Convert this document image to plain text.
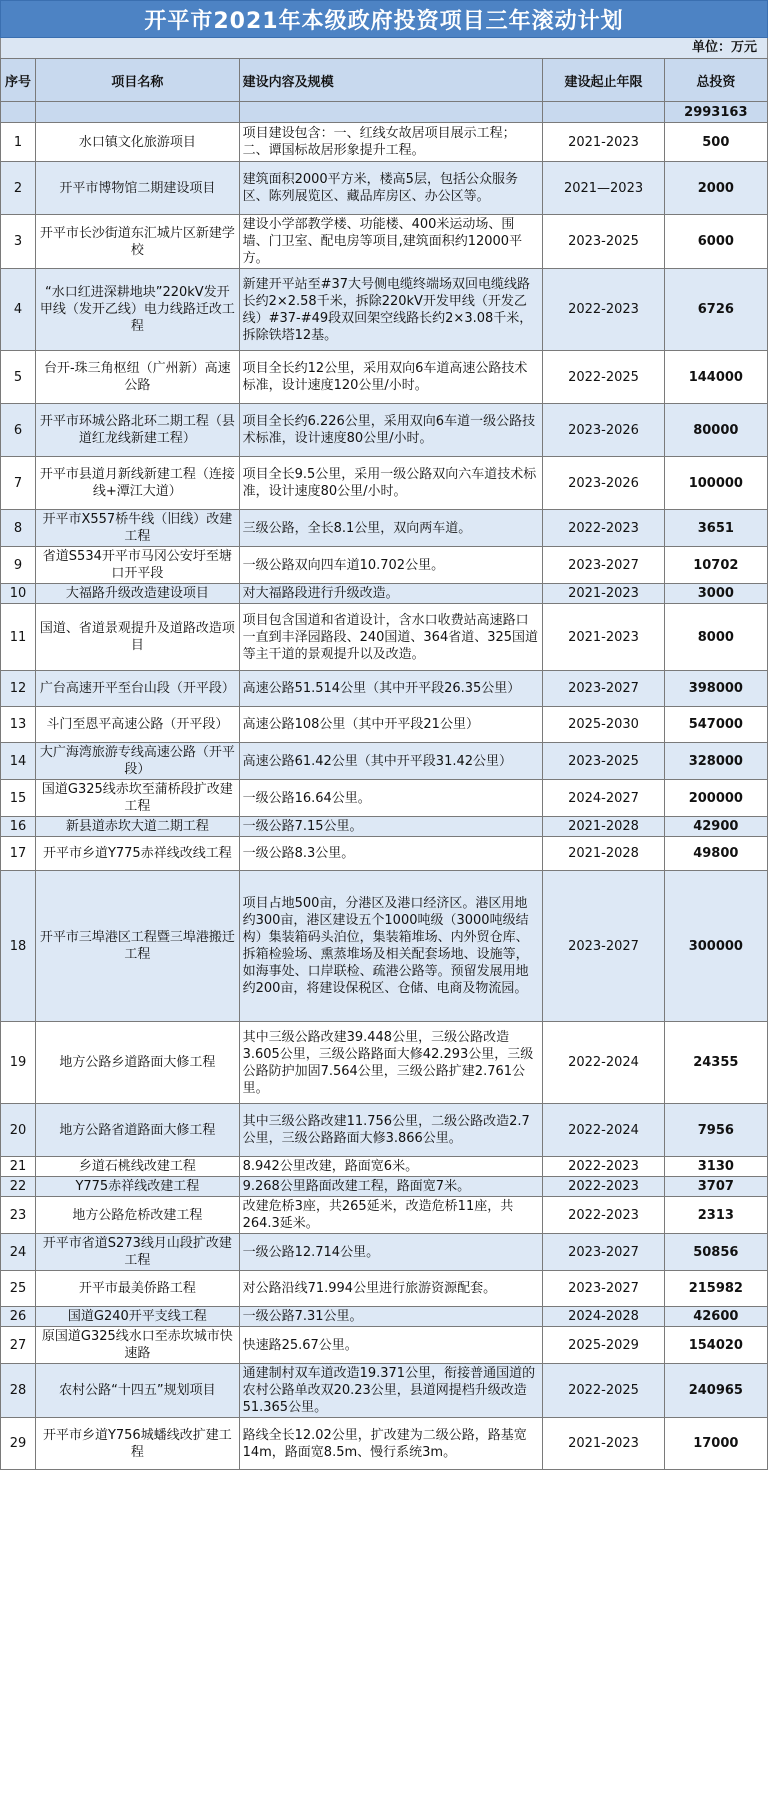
开平市2021年本级政府投资项目三年滚动计划
单位：万元
序号	项目名称	建设内容及规模	建设起止年限	总投资
				2993163
1	水口镇文化旅游项目	项目建设包含：一、红线女故居项目展示工程；二、谭国标故居形象提升工程。	2021-2023	500
2	开平市博物馆二期建设项目	建筑面积2000平方米，楼高5层，包括公众服务区、陈列展览区、藏品库房区、办公区等。	2021—2023	2000
3	开平市长沙街道东汇城片区新建学校	建设小学部教学楼、功能楼、400米运动场、围墙、门卫室、配电房等项目,建筑面积约12000平方。	2023-2025	6000
4	“水口红进深耕地块”220kV发开甲线（发开乙线）电力线路迁改工程	新建开平站至#37大号侧电缆终端场双回电缆线路长约2×2.58千米，拆除220kV开发甲线（开发乙线）#37-#49段双回架空线路长约2×3.08千米，拆除铁塔12基。	2022-2023	6726
5	台开-珠三角枢纽（广州新）高速公路	项目全长约12公里，采用双向6车道高速公路技术标准，设计速度120公里/小时。	2022-2025	144000
6	开平市环城公路北环二期工程（县道红龙线新建工程）	项目全长约6.226公里，采用双向6车道一级公路技术标准，设计速度80公里/小时。	2023-2026	80000
7	开平市县道月新线新建工程（连接线+潭江大道）	项目全长9.5公里，采用一级公路双向六车道技术标准，设计速度80公里/小时。	2023-2026	100000
8	开平市X557桥牛线（旧线）改建工程	三级公路，全长8.1公里，双向两车道。	2022-2023	3651
9	省道S534开平市马冈公安圩至塘口开平段	一级公路双向四车道10.702公里。	2023-2027	10702
10	大福路升级改造建设项目	对大福路段进行升级改造。	2021-2023	3000
11	国道、省道景观提升及道路改造项目	项目包含国道和省道设计，含水口收费站高速路口一直到丰泽园路段、240国道、364省道、325国道等主干道的景观提升以及改造。	2021-2023	8000
12	广台高速开平至台山段（开平段）	高速公路51.514公里（其中开平段26.35公里）	2023-2027	398000
13	斗门至恩平高速公路（开平段）	高速公路108公里（其中开平段21公里）	2025-2030	547000
14	大广海湾旅游专线高速公路（开平段）	高速公路61.42公里（其中开平段31.42公里）	2023-2025	328000
15	国道G325线赤坎至蒲桥段扩改建工程	一级公路16.64公里。	2024-2027	200000
16	新县道赤坎大道二期工程	一级公路7.15公里。	2021-2028	42900
17	开平市乡道Y775赤祥线改线工程	一级公路8.3公里。	2021-2028	49800
18	开平市三埠港区工程暨三埠港搬迁工程	项目占地500亩，分港区及港口经济区。港区用地约300亩，港区建设五个1000吨级（3000吨级结构）集装箱码头泊位，集装箱堆场、内外贸仓库、拆箱检验场、熏蒸堆场及相关配套场地、设施等，如海事处、口岸联检、疏港公路等。预留发展用地约200亩，将建设保税区、仓储、电商及物流园。	2023-2027	300000
19	地方公路乡道路面大修工程	其中三级公路改建39.448公里，三级公路改造3.605公里，三级公路路面大修42.293公里，三级公路防护加固7.564公里，三级公路扩建2.761公里。	2022-2024	24355
20	地方公路省道路面大修工程	其中三级公路改建11.756公里，二级公路改造2.7公里，三级公路路面大修3.866公里。	2022-2024	7956
21	乡道石桃线改建工程	8.942公里改建，路面宽6米。	2022-2023	3130
22	Y775赤祥线改建工程	9.268公里路面改建工程，路面宽7米。	2022-2023	3707
23	地方公路危桥改建工程	改建危桥3座，共265延米，改造危桥11座，共264.3延米。	2022-2023	2313
24	开平市省道S273线月山段扩改建工程	一级公路12.714公里。	2023-2027	50856
25	开平市最美侨路工程	对公路沿线71.994公里进行旅游资源配套。	2023-2027	215982
26	国道G240开平支线工程	一级公路7.31公里。	2024-2028	42600
27	原国道G325线水口至赤坎城市快速路	快速路25.67公里。	2025-2029	154020
28	农村公路“十四五”规划项目	通建制村双车道改造19.371公里，衔接普通国道的农村公路单改双20.23公里，县道网提档升级改造51.365公里。	2022-2025	240965
29	开平市乡道Y756城蟠线改扩建工程	路线全长12.02公里，扩改建为二级公路，路基宽14m，路面宽8.5m、慢行系统3m。	2021-2023	17000
